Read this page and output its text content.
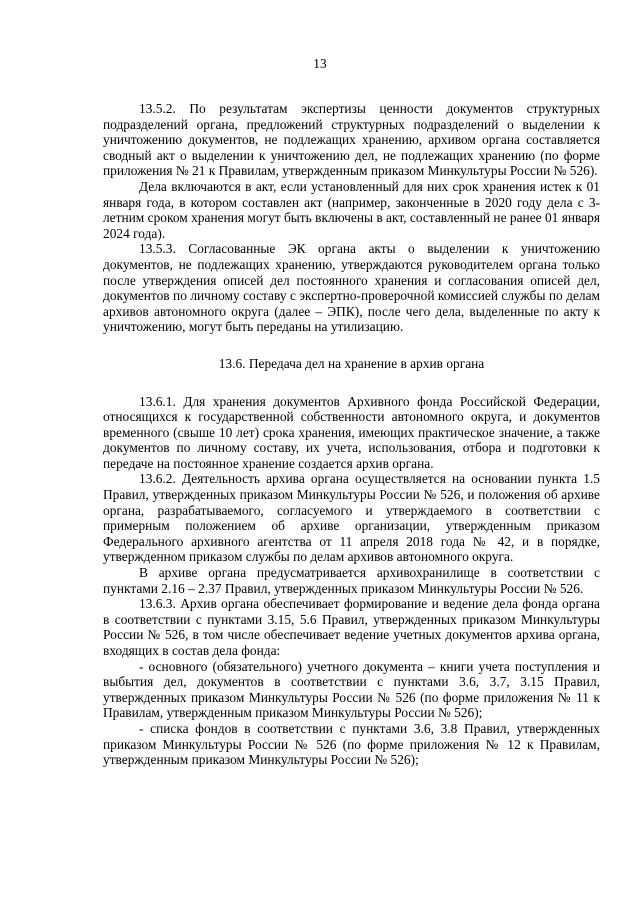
13

13.5.2. По результатам экспертизы ценности документов структурных подразделений органа, предложений структурных подразделений о выделении к уничтожению документов, не подлежащих хранению, архивом органа составляется сводный акт о выделении к уничтожению дел, не подлежащих хранению (по форме приложения № 21 к Правилам, утвержденным приказом Минкультуры России № 526).

Дела включаются в акт, если установленный для них срок хранения истек к 01 января года, в котором составлен акт (например, законченные в 2020 году дела с 3-летним сроком хранения могут быть включены в акт, составленный не ранее 01 января 2024 года).

13.5.3. Согласованные ЭК органа акты о выделении к уничтожению документов, не подлежащих хранению, утверждаются руководителем органа только после утверждения описей дел постоянного хранения и согласования описей дел, документов по личному составу с экспертно-проверочной комиссией службы по делам архивов автономного округа (далее – ЭПК), после чего дела, выделенные по акту к уничтожению, могут быть переданы на утилизацию.

13.6. Передача дел на хранение в архив органа

13.6.1. Для хранения документов Архивного фонда Российской Федерации, относящихся к государственной собственности автономного округа, и документов временного (свыше 10 лет) срока хранения, имеющих практическое значение, а также документов по личному составу, их учета, использования, отбора и подготовки к передаче на постоянное хранение создается архив органа.

13.6.2. Деятельность архива органа осуществляется на основании пункта 1.5 Правил, утвержденных приказом Минкультуры России № 526, и положения об архиве органа, разрабатываемого, согласуемого и утверждаемого в соответствии с примерным положением об архиве организации, утвержденным приказом Федерального архивного агентства от 11 апреля 2018 года № 42, и в порядке, утвержденном приказом службы по делам архивов автономного округа.

В архиве органа предусматривается архивохранилище в соответствии с пунктами 2.16 – 2.37 Правил, утвержденных приказом Минкультуры России № 526.

13.6.3. Архив органа обеспечивает формирование и ведение дела фонда органа в соответствии с пунктами 3.15, 5.6 Правил, утвержденных приказом Минкультуры России № 526, в том числе обеспечивает ведение учетных документов архива органа, входящих в состав дела фонда:

- основного (обязательного) учетного документа – книги учета поступления и выбытия дел, документов в соответствии с пунктами 3.6, 3.7, 3.15 Правил, утвержденных приказом Минкультуры России № 526 (по форме приложения № 11 к Правилам, утвержденным приказом Минкультуры России № 526);

- списка фондов в соответствии с пунктами 3.6, 3.8 Правил, утвержденных приказом Минкультуры России № 526 (по форме приложения № 12 к Правилам, утвержденным приказом Минкультуры России № 526);
